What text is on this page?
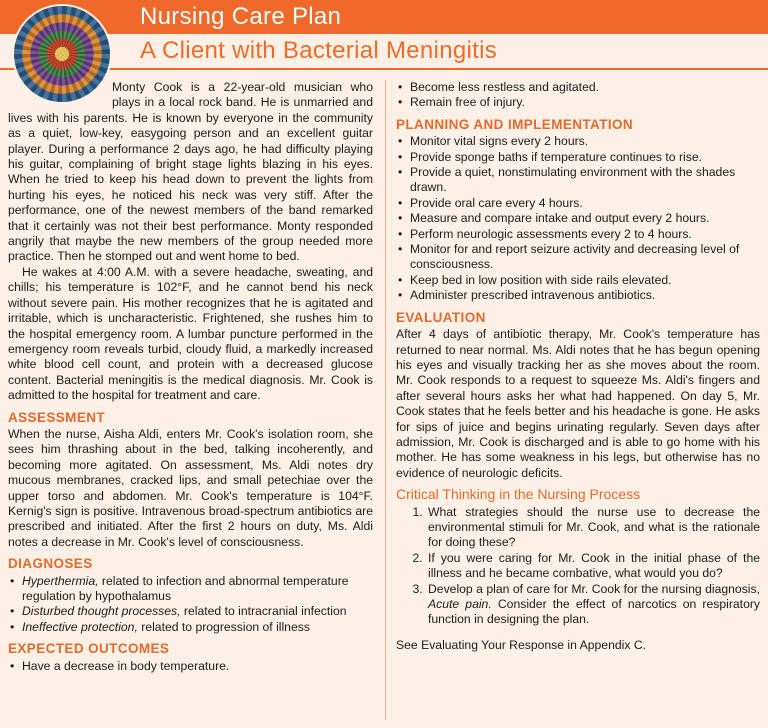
Nursing Care Plan
A Client with Bacterial Meningitis

Monty Cook is a 22-year-old musician who plays in a local rock band. He is unmarried and lives with his parents. He is known by everyone in the community as a quiet, low-key, easygoing person and an excellent guitar player. During a performance 2 days ago, he had difficulty playing his guitar, complaining of bright stage lights blazing in his eyes. When he tried to keep his head down to prevent the lights from hurting his eyes, he noticed his neck was very stiff. After the performance, one of the newest members of the band remarked that it certainly was not their best performance. Monty responded angrily that maybe the new members of the group needed more practice. Then he stomped out and went home to bed.

He wakes at 4:00 A.M. with a severe headache, sweating, and chills; his temperature is 102°F, and he cannot bend his neck without severe pain. His mother recognizes that he is agitated and irritable, which is uncharacteristic. Frightened, she rushes him to the hospital emergency room. A lumbar puncture performed in the emergency room reveals turbid, cloudy fluid, a markedly increased white blood cell count, and protein with a decreased glucose content. Bacterial meningitis is the medical diagnosis. Mr. Cook is admitted to the hospital for treatment and care.

ASSESSMENT

When the nurse, Aisha Aldi, enters Mr. Cook's isolation room, she sees him thrashing about in the bed, talking incoherently, and becoming more agitated. On assessment, Ms. Aldi notes dry mucous membranes, cracked lips, and small petechiae over the upper torso and abdomen. Mr. Cook's temperature is 104°F. Kernig's sign is positive. Intravenous broad-spectrum antibiotics are prescribed and initiated. After the first 2 hours on duty, Ms. Aldi notes a decrease in Mr. Cook's level of consciousness.

DIAGNOSES
• Hyperthermia, related to infection and abnormal temperature regulation by hypothalamus
• Disturbed thought processes, related to intracranial infection
• Ineffective protection, related to progression of illness
EXPECTED OUTCOMES
• Have a decrease in body temperature.
• Become less restless and agitated.
• Remain free of injury.
PLANNING AND IMPLEMENTATION
• Monitor vital signs every 2 hours.
• Provide sponge baths if temperature continues to rise.
• Provide a quiet, nonstimulating environment with the shades drawn.
• Provide oral care every 4 hours.
• Measure and compare intake and output every 2 hours.
• Perform neurologic assessments every 2 to 4 hours.
• Monitor for and report seizure activity and decreasing level of consciousness.
• Keep bed in low position with side rails elevated.
• Administer prescribed intravenous antibiotics.
EVALUATION

After 4 days of antibiotic therapy, Mr. Cook's temperature has returned to near normal. Ms. Aldi notes that he has begun opening his eyes and visually tracking her as she moves about the room. Mr. Cook responds to a request to squeeze Ms. Aldi's fingers and after several hours asks her what had happened. On day 5, Mr. Cook states that he feels better and his headache is gone. He asks for sips of juice and begins urinating regularly. Seven days after admission, Mr. Cook is discharged and is able to go home with his mother. He has some weakness in his legs, but otherwise has no evidence of neurologic deficits.

Critical Thinking in the Nursing Process
1. What strategies should the nurse use to decrease the environmental stimuli for Mr. Cook, and what is the rationale for doing these?
2. If you were caring for Mr. Cook in the initial phase of the illness and he became combative, what would you do?
3. Develop a plan of care for Mr. Cook for the nursing diagnosis, Acute pain. Consider the effect of narcotics on respiratory function in designing the plan.

See Evaluating Your Response in Appendix C.
